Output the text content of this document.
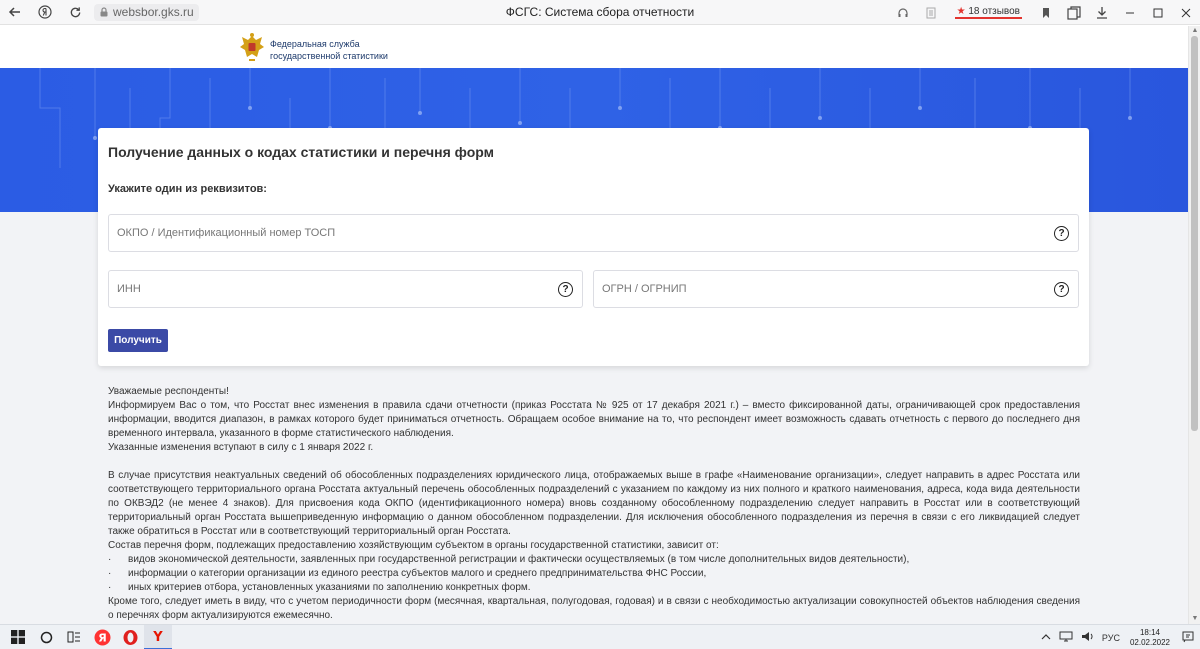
websbor.gks.ru	ФСГС: Система сбора отчетности	★ 18 отзывов
Федеральная служба
государственной статистики
Получение данных о кодах статистики и перечня форм
Укажите один из реквизитов:
ОКПО / Идентификационный номер ТОСП	?
ИНН	?	ОГРН / ОГРНИП	?
Получить

Уважаемые респонденты!

Информируем Вас о том, что Росстат внес изменения в правила сдачи отчетности (приказ Росстата № 925 от 17 декабря 2021 г.) – вместо фиксированной даты, ограничивающей срок предоставления информации, вводится диапазон, в рамках которого будет приниматься отчетность. Обращаем особое внимание на то, что респондент имеет возможность сдавать отчетность с первого до последнего дня временного интервала, указанного в форме статистического наблюдения.

Указанные изменения вступают в силу с 1 января 2022 г.

В случае присутствия неактуальных сведений об обособленных подразделениях юридического лица, отображаемых выше в графе «Наименование организации», следует направить в адрес Росстата или соответствующего территориального органа Росстата актуальный перечень обособленных подразделений с указанием по каждому из них полного и краткого наименования, адреса, кода вида деятельности по ОКВЭД2 (не менее 4 знаков). Для присвоения кода ОКПО (идентификационного номера) вновь созданному обособленному подразделению следует направить в Росстат или в соответствующий территориальный орган Росстата вышеприведенную информацию о данном обособленном подразделении. Для исключения обособленного подразделения из перечня в связи с его ликвидацией следует также обратиться в Росстат или в соответствующий территориальный орган Росстата.

Состав перечня форм, подлежащих предоставлению хозяйствующим субъектом в органы государственной статистики, зависит от:

·	видов экономической деятельности, заявленных при государственной регистрации и фактически осуществляемых (в том числе дополнительных видов деятельности),
·	информации о категории организации из единого реестра субъектов малого и среднего предпринимательства ФНС России,
·	иных критериев отбора, установленных указаниями по заполнению конкретных форм.

Кроме того, следует иметь в виду, что с учетом периодичности форм (месячная, квартальная, полугодовая, годовая) и в связи с необходимостью актуализации совокупностей объектов наблюдения сведения о перечнях форм актуализируются ежемесячно.

▲
▼
Я	Y	РУС
18:14
02.02.2022
